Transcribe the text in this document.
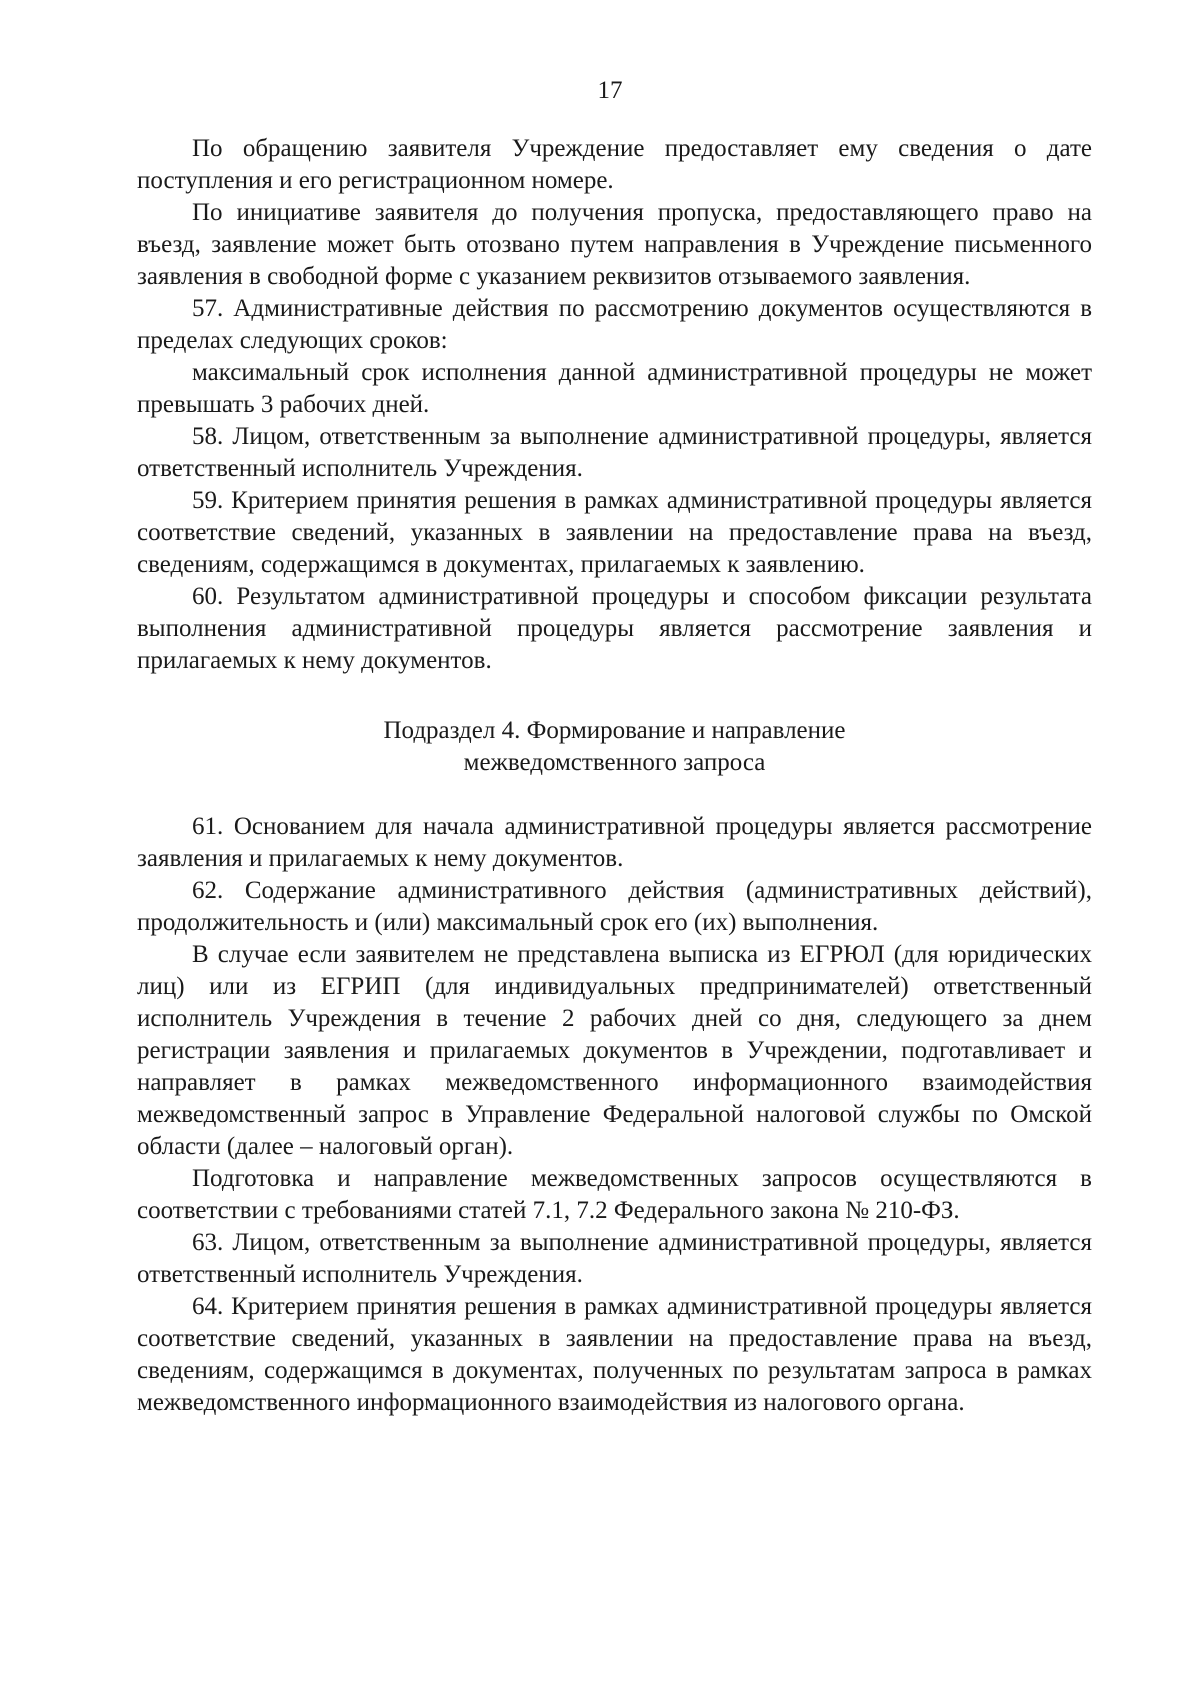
17

По обращению заявителя Учреждение предоставляет ему сведения о дате поступления и его регистрационном номере.

По инициативе заявителя до получения пропуска, предоставляющего право на въезд, заявление может быть отозвано путем направления в Учреждение письменного заявления в свободной форме с указанием реквизитов отзываемого заявления.

57. Административные действия по рассмотрению документов осуществляются в пределах следующих сроков:

максимальный срок исполнения данной административной процедуры не может превышать 3 рабочих дней.

58. Лицом, ответственным за выполнение административной процедуры, является ответственный исполнитель Учреждения.

59. Критерием принятия решения в рамках административной процедуры является соответствие сведений, указанных в заявлении на предоставление права на въезд, сведениям, содержащимся в документах, прилагаемых к заявлению.

60. Результатом административной процедуры и способом фиксации результата выполнения административной процедуры является рассмотрение заявления и прилагаемых к нему документов.

Подраздел 4. Формирование и направление
межведомственного запроса

61. Основанием для начала административной процедуры является рассмотрение заявления и прилагаемых к нему документов.

62. Содержание административного действия (административных действий), продолжительность и (или) максимальный срок его (их) выполнения.

В случае если заявителем не представлена выписка из ЕГРЮЛ (для юридических лиц) или из ЕГРИП (для индивидуальных предпринимателей) ответственный исполнитель Учреждения в течение 2 рабочих дней со дня, следующего за днем регистрации заявления и прилагаемых документов в Учреждении, подготавливает и направляет в рамках межведомственного информационного взаимодействия межведомственный запрос в Управление Федеральной налоговой службы по Омской области (далее – налоговый орган).

Подготовка и направление межведомственных запросов осуществляются в соответствии с требованиями статей 7.1, 7.2 Федерального закона № 210-ФЗ.

63. Лицом, ответственным за выполнение административной процедуры, является ответственный исполнитель Учреждения.

64. Критерием принятия решения в рамках административной процедуры является соответствие сведений, указанных в заявлении на предоставление права на въезд, сведениям, содержащимся в документах, полученных по результатам запроса в рамках межведомственного информационного взаимодействия из налогового органа.
